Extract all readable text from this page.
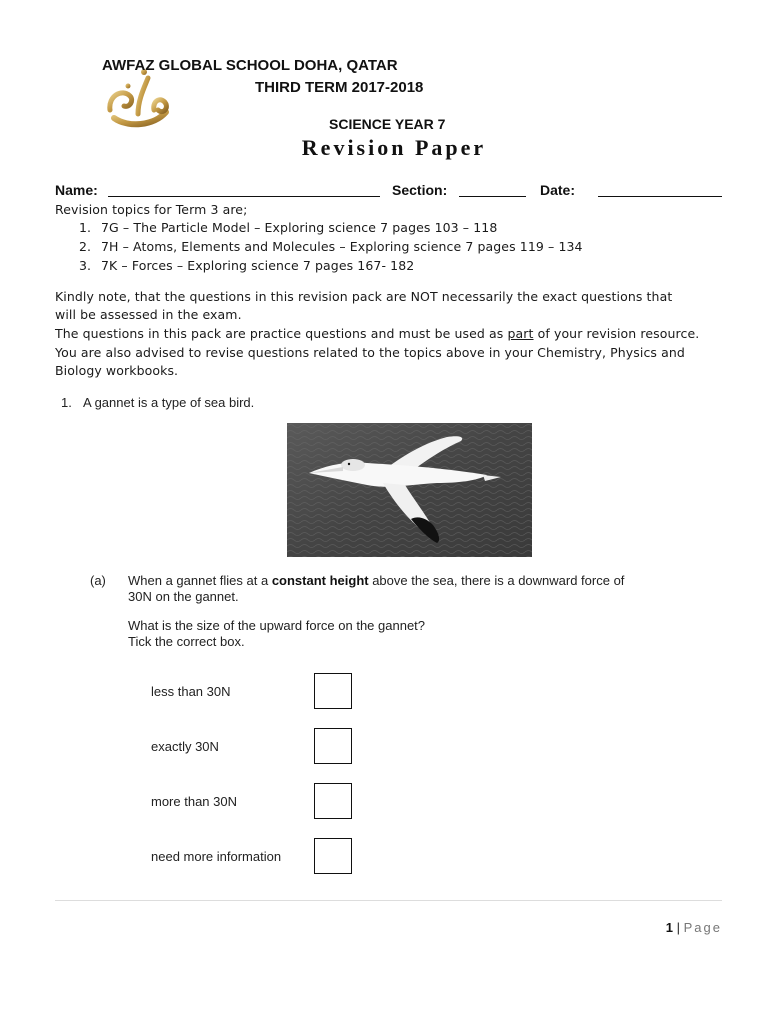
AWFAZ GLOBAL SCHOOL DOHA, QATAR
THIRD TERM 2017-2018
SCIENCE YEAR 7
Revision Paper
Name:	Section:	Date:
Revision topics for Term 3 are;
1. 7G – The Particle Model – Exploring science 7 pages 103 – 118
2. 7H – Atoms, Elements and Molecules – Exploring science 7 pages 119 – 134
3. 7K – Forces – Exploring science 7 pages 167- 182
Kindly note, that the questions in this revision pack are NOT necessarily the exact questions that
will be assessed in the exam.
The questions in this pack are practice questions and must be used as part of your revision resource.
You are also advised to revise questions related to the topics above in your Chemistry, Physics and
Biology workbooks.
1. A gannet is a type of sea bird.
(a) When a gannet flies at a constant height above the sea, there is a downward force of
30N on the gannet.
What is the size of the upward force on the gannet?
Tick the correct box.
less than 30N
exactly 30N
more than 30N
need more information
1 | Page
